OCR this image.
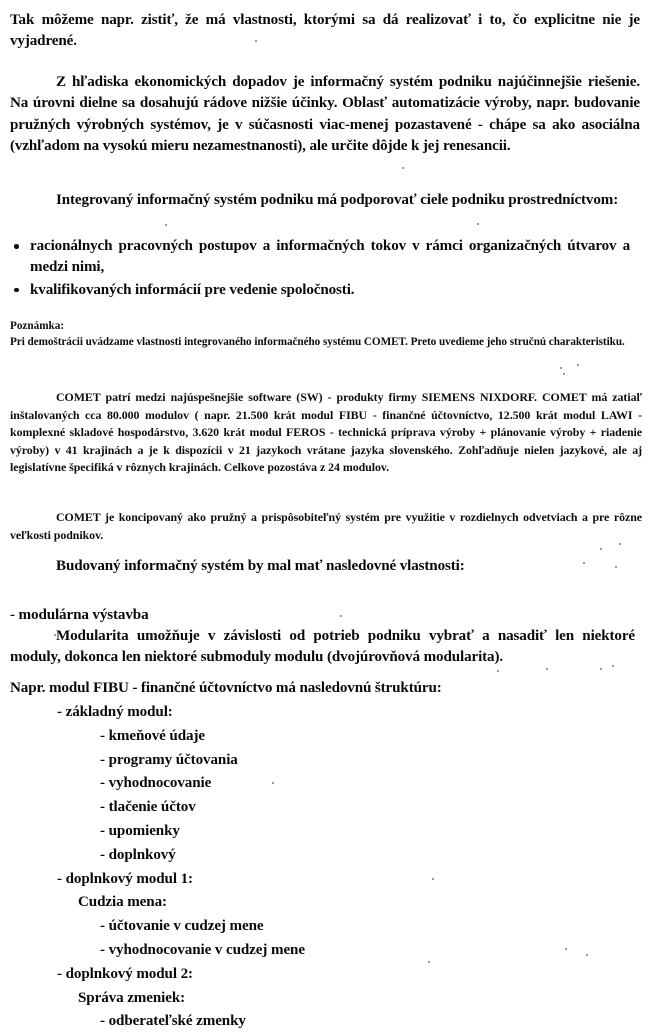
Tak môžeme napr. zistiť, že má vlastnosti, ktorými sa dá realizovať i to, čo explicitne nie je vyjadrené.
Z hľadiska ekonomických dopadov je informačný systém podniku najúčinnejšie riešenie. Na úrovni dielne sa dosahujú rádove nižšie účinky. Oblasť automatizácie výroby, napr. budovanie pružných výrobných systémov, je v súčasnosti viac-menej pozastavené - chápe sa ako asociálna (vzhľadom na vysokú mieru nezamestnanosti), ale určite dôjde k jej renesancii.
Integrovaný informačný systém podniku má podporovať ciele podniku prostredníctvom:
racionálnych pracovných postupov a informačných tokov v rámci organizačných útvarov a medzi nimi,
kvalifikovaných informácií pre vedenie spoločnosti.
Poznámka:
Pri demoštrácii uvádzame vlastnosti integrovaného informačného systému COMET. Preto uvedieme jeho stručnú charakteristiku.
COMET patrí medzi najúspešnejšie software (SW) - produkty firmy SIEMENS NIXDORF. COMET má zatiaľ inštalovaných cca 80.000 modulov ( napr. 21.500 krát modul FIBU - finančné účtovníctvo, 12.500 krát modul LAWI - komplexné skladové hospodárstvo, 3.620 krát modul FEROS - technická príprava výroby + plánovanie výroby + riadenie výroby) v 41 krajinách a je k dispozícii v 21 jazykoch vrátane jazyka slovenského. Zohľadňuje nielen jazykové, ale aj legislatívne špecifiká v rôznych krajinách. Celkove pozostáva z 24 modulov.
COMET je koncipovaný ako pružný a prispôsobiteľný systém pre využitie v rozdielnych odvetviach a pre rôzne veľkosti podnikov.
Budovaný informačný systém by mal mať nasledovné vlastnosti:
- modulárna výstavba
Modularita umožňuje v závislosti od potrieb podniku vybrať a nasadiť len niektoré moduly, dokonca len niektoré submoduly modulu (dvojúrovňová modularita).
Napr. modul FIBU - finančné účtovníctvo má nasledovnú štruktúru:
- základný modul:
- kmeňové údaje
- programy účtovania
- vyhodnocovanie
- tlačenie účtov
- upomienky
- doplnkový
- doplnkový modul 1:
Cudzia mena:
- účtovanie v cudzej mene
- vyhodnocovanie v cudzej mene
- doplnkový modul 2:
Správa zmeniek:
- odberateľské zmenky
